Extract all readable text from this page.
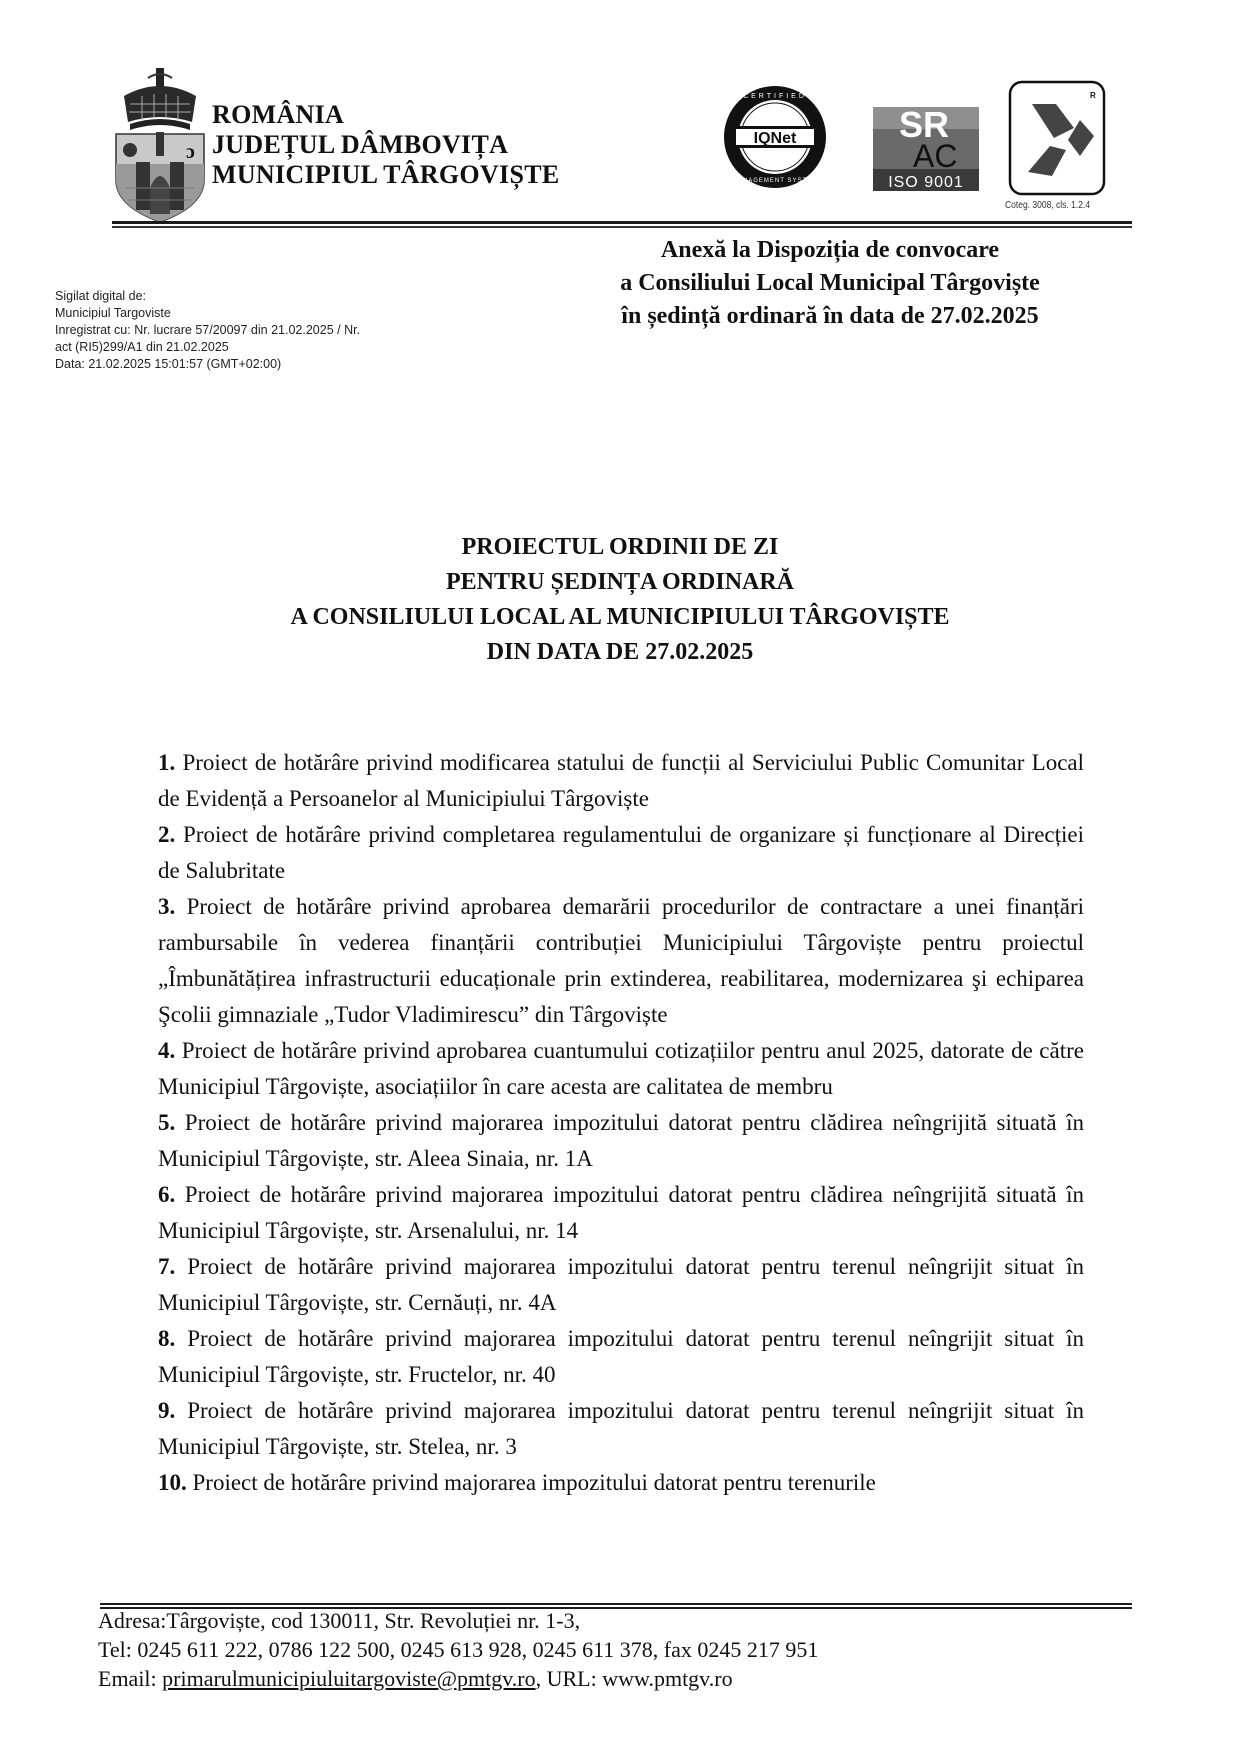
ɔ
ROMÂNIA
JUDEȚUL DÂMBOVIȚA
MUNICIPIUL TÂRGOVIȘTE
IQNet
CERTIFIED
MANAGEMENT SYSTEM
SR
AC
ISO 9001
R
Coteg. 3008, cls. 1.2.4
Anexă la Dispoziția de convocare
a Consiliului Local Municipal Târgoviște
în ședință ordinară în data de 27.02.2025
Sigilat digital de:
Municipiul Targoviste
Inregistrat cu: Nr. lucrare 57/20097 din 21.02.2025 / Nr.
act (RI5)299/A1 din 21.02.2025
Data: 21.02.2025 15:01:57 (GMT+02:00)
PROIECTUL ORDINII DE ZI
PENTRU ȘEDINȚA ORDINARĂ
A CONSILIULUI LOCAL AL MUNICIPIULUI TÂRGOVIȘTE
DIN DATA DE 27.02.2025

1. Proiect de hotărâre privind modificarea statului de funcții al Serviciului Public Comunitar Local de Evidență a Persoanelor al Municipiului Târgoviște

2. Proiect de hotărâre privind completarea regulamentului de organizare și funcționare al Direcției de Salubritate

3. Proiect de hotărâre privind aprobarea demarării procedurilor de contractare a unei finanțări rambursabile în vederea finanțării contribuției Municipiului Târgoviște pentru proiectul „Îmbunătățirea infrastructurii educaționale prin extinderea, reabilitarea, modernizarea şi echiparea Şcolii gimnaziale „Tudor Vladimirescu” din Târgoviște

4. Proiect de hotărâre privind aprobarea cuantumului cotizațiilor pentru anul 2025, datorate de către Municipiul Târgoviște, asociațiilor în care acesta are calitatea de membru

5. Proiect de hotărâre privind majorarea impozitului datorat pentru clădirea neîngrijită situată în Municipiul Târgoviște, str. Aleea Sinaia, nr. 1A

6. Proiect de hotărâre privind majorarea impozitului datorat pentru clădirea neîngrijită situată în Municipiul Târgoviște, str. Arsenalului, nr. 14

7. Proiect de hotărâre privind majorarea impozitului datorat pentru terenul neîngrijit situat în Municipiul Târgoviște, str. Cernăuți, nr. 4A

8. Proiect de hotărâre privind majorarea impozitului datorat pentru terenul neîngrijit situat în Municipiul Târgoviște, str. Fructelor, nr. 40

9. Proiect de hotărâre privind majorarea impozitului datorat pentru terenul neîngrijit situat în Municipiul Târgoviște, str. Stelea, nr. 3

10. Proiect de hotărâre privind majorarea impozitului datorat pentru terenurile

Adresa:Târgoviște, cod 130011, Str. Revoluției nr. 1-3,
Tel: 0245 611 222, 0786 122 500, 0245 613 928, 0245 611 378, fax 0245 217 951
Email: primarulmunicipiuluitargoviste@pmtgv.ro, URL: www.pmtgv.ro
